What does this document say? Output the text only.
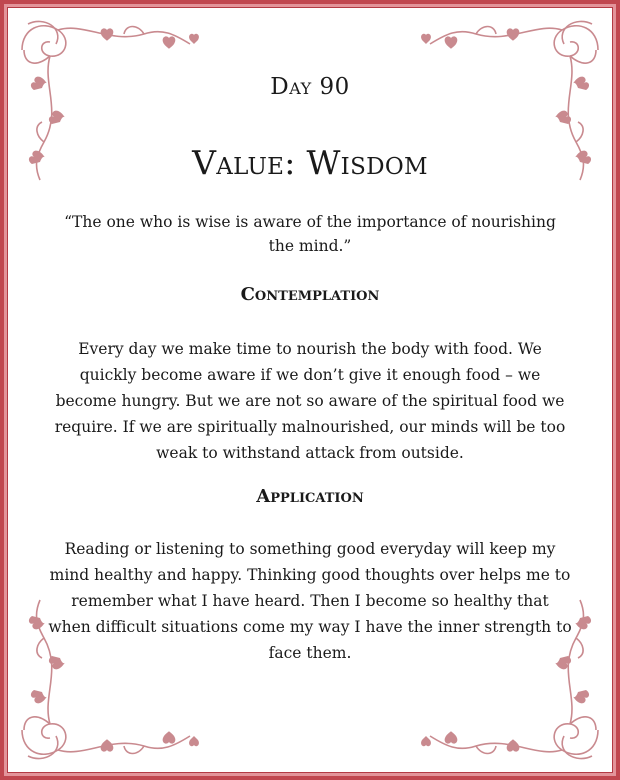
Day 90
Value: Wisdom

“The one who is wise is aware of the importance of nourishing the mind.”

Contemplation

Every day we make time to nourish the body with food. We quickly become aware if we don’t give it enough food – we become hungry. But we are not so aware of the spiritual food we require. If we are spiritually malnourished, our minds will be too weak to withstand attack from outside.

Application

Reading or listening to something good everyday will keep my mind healthy and happy. Thinking good thoughts over helps me to remember what I have heard. Then I become so healthy that when difficult situations come my way I have the inner strength to face them.
